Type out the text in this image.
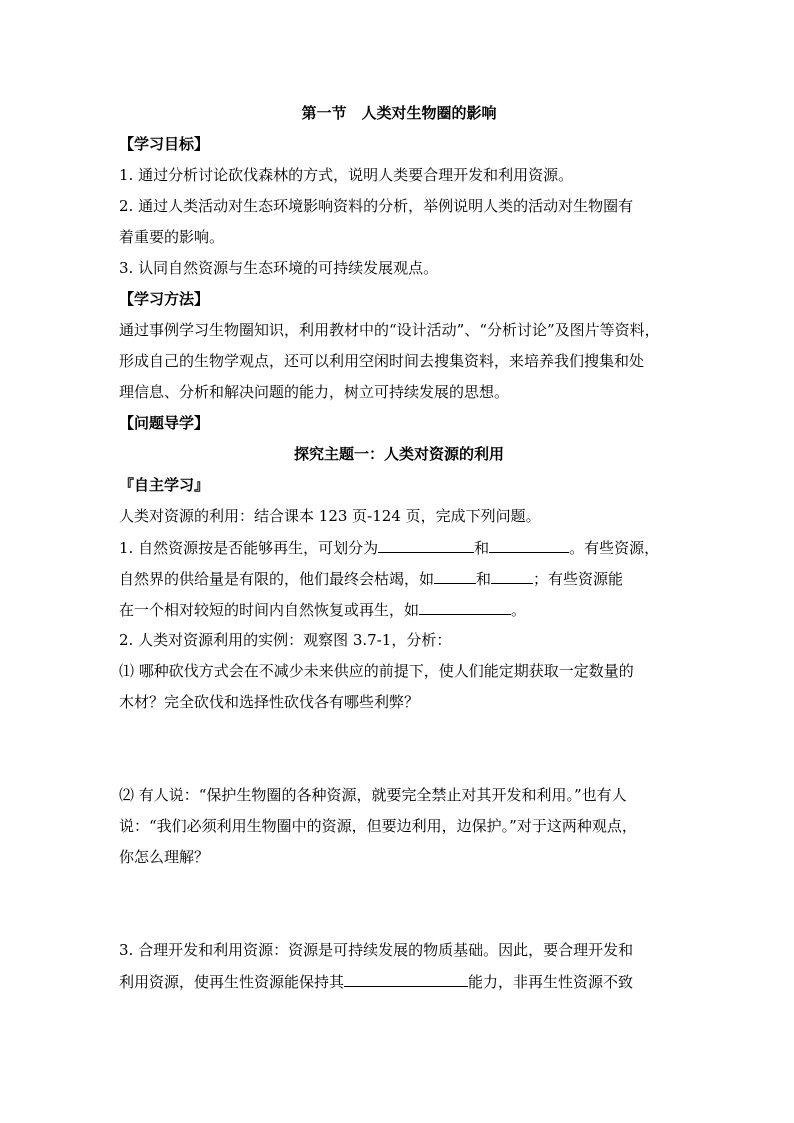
第一节　人类对生物圈的影响
【学习目标】
1. 通过分析讨论砍伐森林的方式，说明人类要合理开发和利用资源。
2. 通过人类活动对生态环境影响资料的分析，举例说明人类的活动对生物圈有
着重要的影响。
3. 认同自然资源与生态环境的可持续发展观点。
【学习方法】
通过事例学习生物圈知识，利用教材中的“设计活动”、“分析讨论”及图片等资料，
形成自己的生物学观点，还可以利用空闲时间去搜集资料，来培养我们搜集和处
理信息、分析和解决问题的能力，树立可持续发展的思想。
【问题导学】
探究主题一：人类对资源的利用
『自主学习』
人类对资源的利用：结合课本 123 页-124 页，完成下列问题。
1. 自然资源按是否能够再生，可划分为	和	。有些资源，
自然界的供给量是有限的，他们最终会枯竭，如	和	；有些资源能
在一个相对较短的时间内自然恢复或再生，如	。
2. 人类对资源利用的实例：观察图 3.7-1，分析：
⑴ 哪种砍伐方式会在不减少未来供应的前提下，使人们能定期获取一定数量的
木材？完全砍伐和选择性砍伐各有哪些利弊？
⑵ 有人说：“保护生物圈的各种资源，就要完全禁止对其开发和利用。”也有人
说：“我们必须利用生物圈中的资源，但要边利用，边保护。”对于这两种观点，
你怎么理解？
3. 合理开发和利用资源：资源是可持续发展的物质基础。因此，要合理开发和
利用资源，使再生性资源能保持其	能力，非再生性资源不致
